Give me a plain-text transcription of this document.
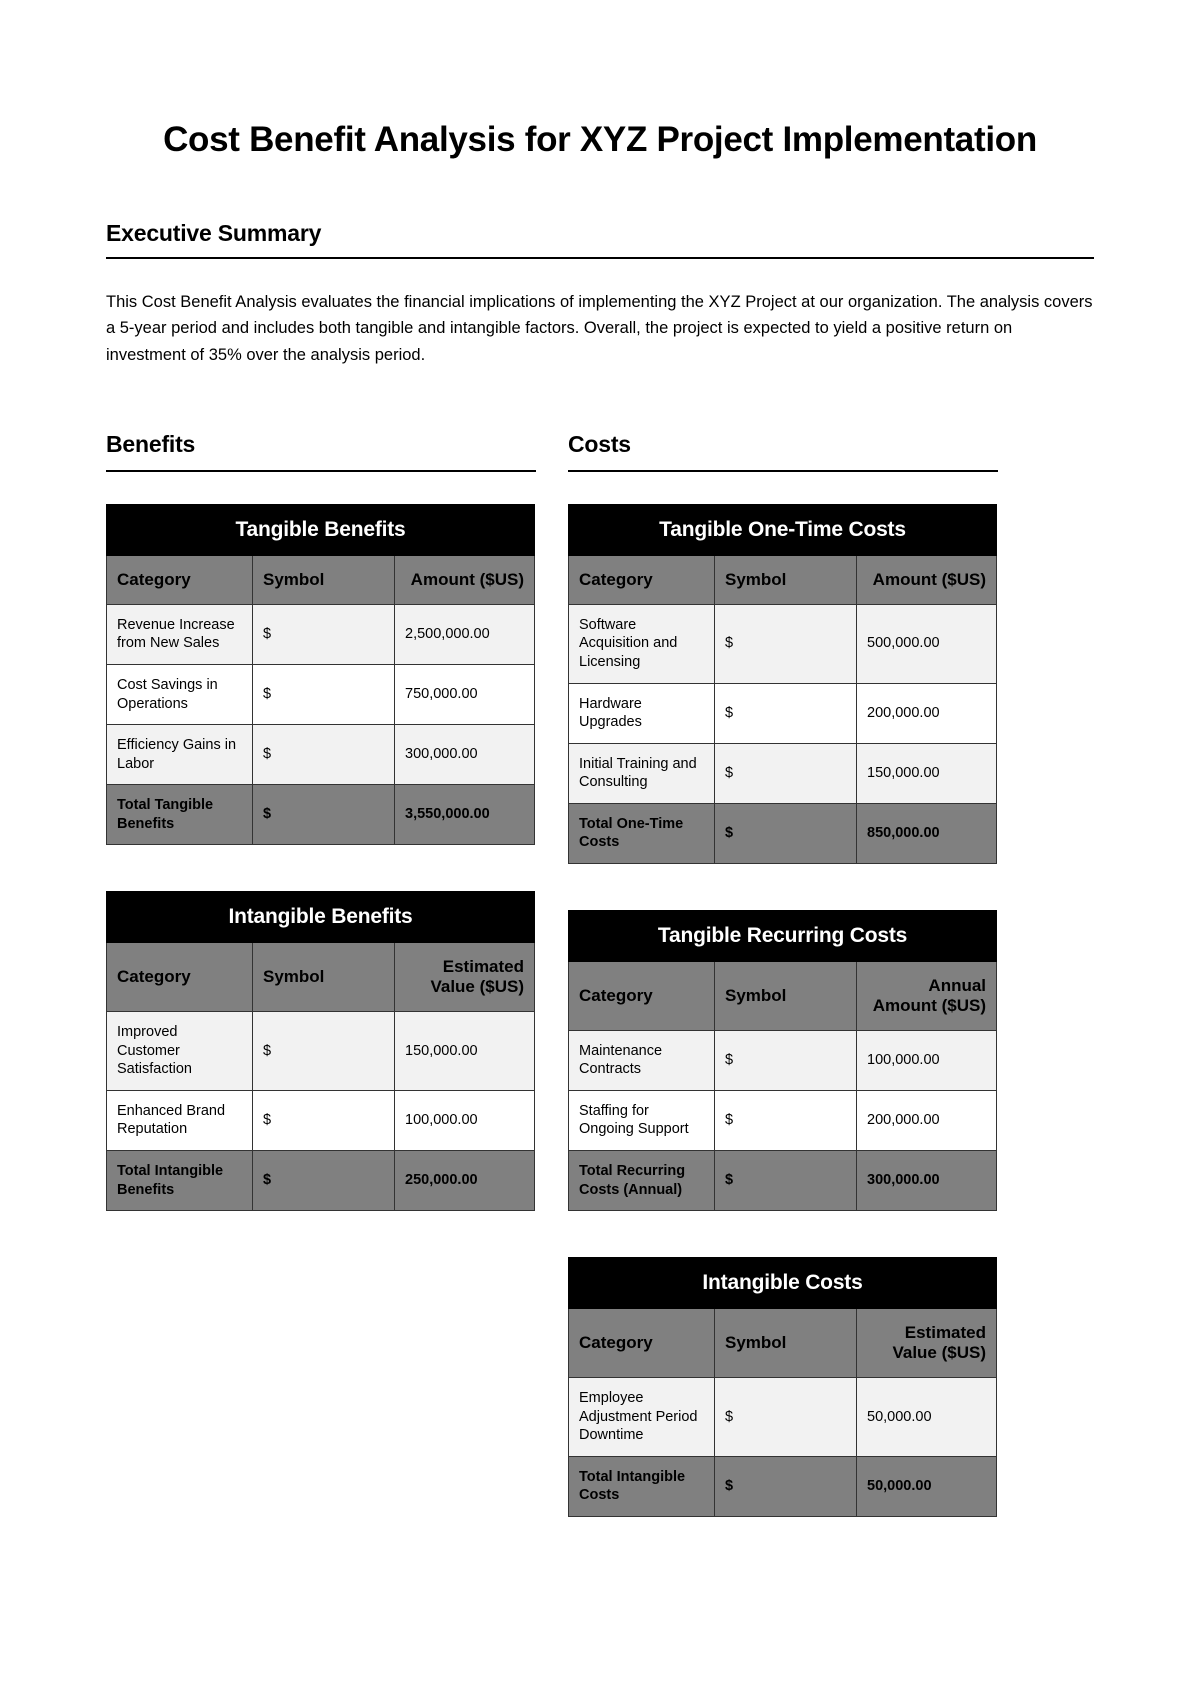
Cost Benefit Analysis for XYZ Project Implementation
Executive Summary

This Cost Benefit Analysis evaluates the financial implications of implementing the XYZ Project at our organization. The analysis covers a 5-year period and includes both tangible and intangible factors. Overall, the project is expected to yield a positive return on investment of 35% over the analysis period.

Benefits
Tangible Benefits		
Category	Symbol	Amount ($US)
Revenue Increase from New Sales	$	2,500,000.00
Cost Savings in Operations	$	750,000.00
Efficiency Gains in Labor	$	300,000.00
Total Tangible Benefits	$	3,550,000.00
Intangible Benefits		
Category	Symbol	Estimated Value ($US)
Improved Customer Satisfaction	$	150,000.00
Enhanced Brand Reputation	$	100,000.00
Total Intangible Benefits	$	250,000.00
Costs
Tangible One-Time Costs		
Category	Symbol	Amount ($US)
Software Acquisition and Licensing	$	500,000.00
Hardware Upgrades	$	200,000.00
Initial Training and Consulting	$	150,000.00
Total One-Time Costs	$	850,000.00
Tangible Recurring Costs		
Category	Symbol	Annual Amount ($US)
Maintenance Contracts	$	100,000.00
Staffing for Ongoing Support	$	200,000.00
Total Recurring Costs (Annual)	$	300,000.00
Intangible Costs		
Category	Symbol	Estimated Value ($US)
Employee Adjustment Period Downtime	$	50,000.00
Total Intangible Costs	$	50,000.00
